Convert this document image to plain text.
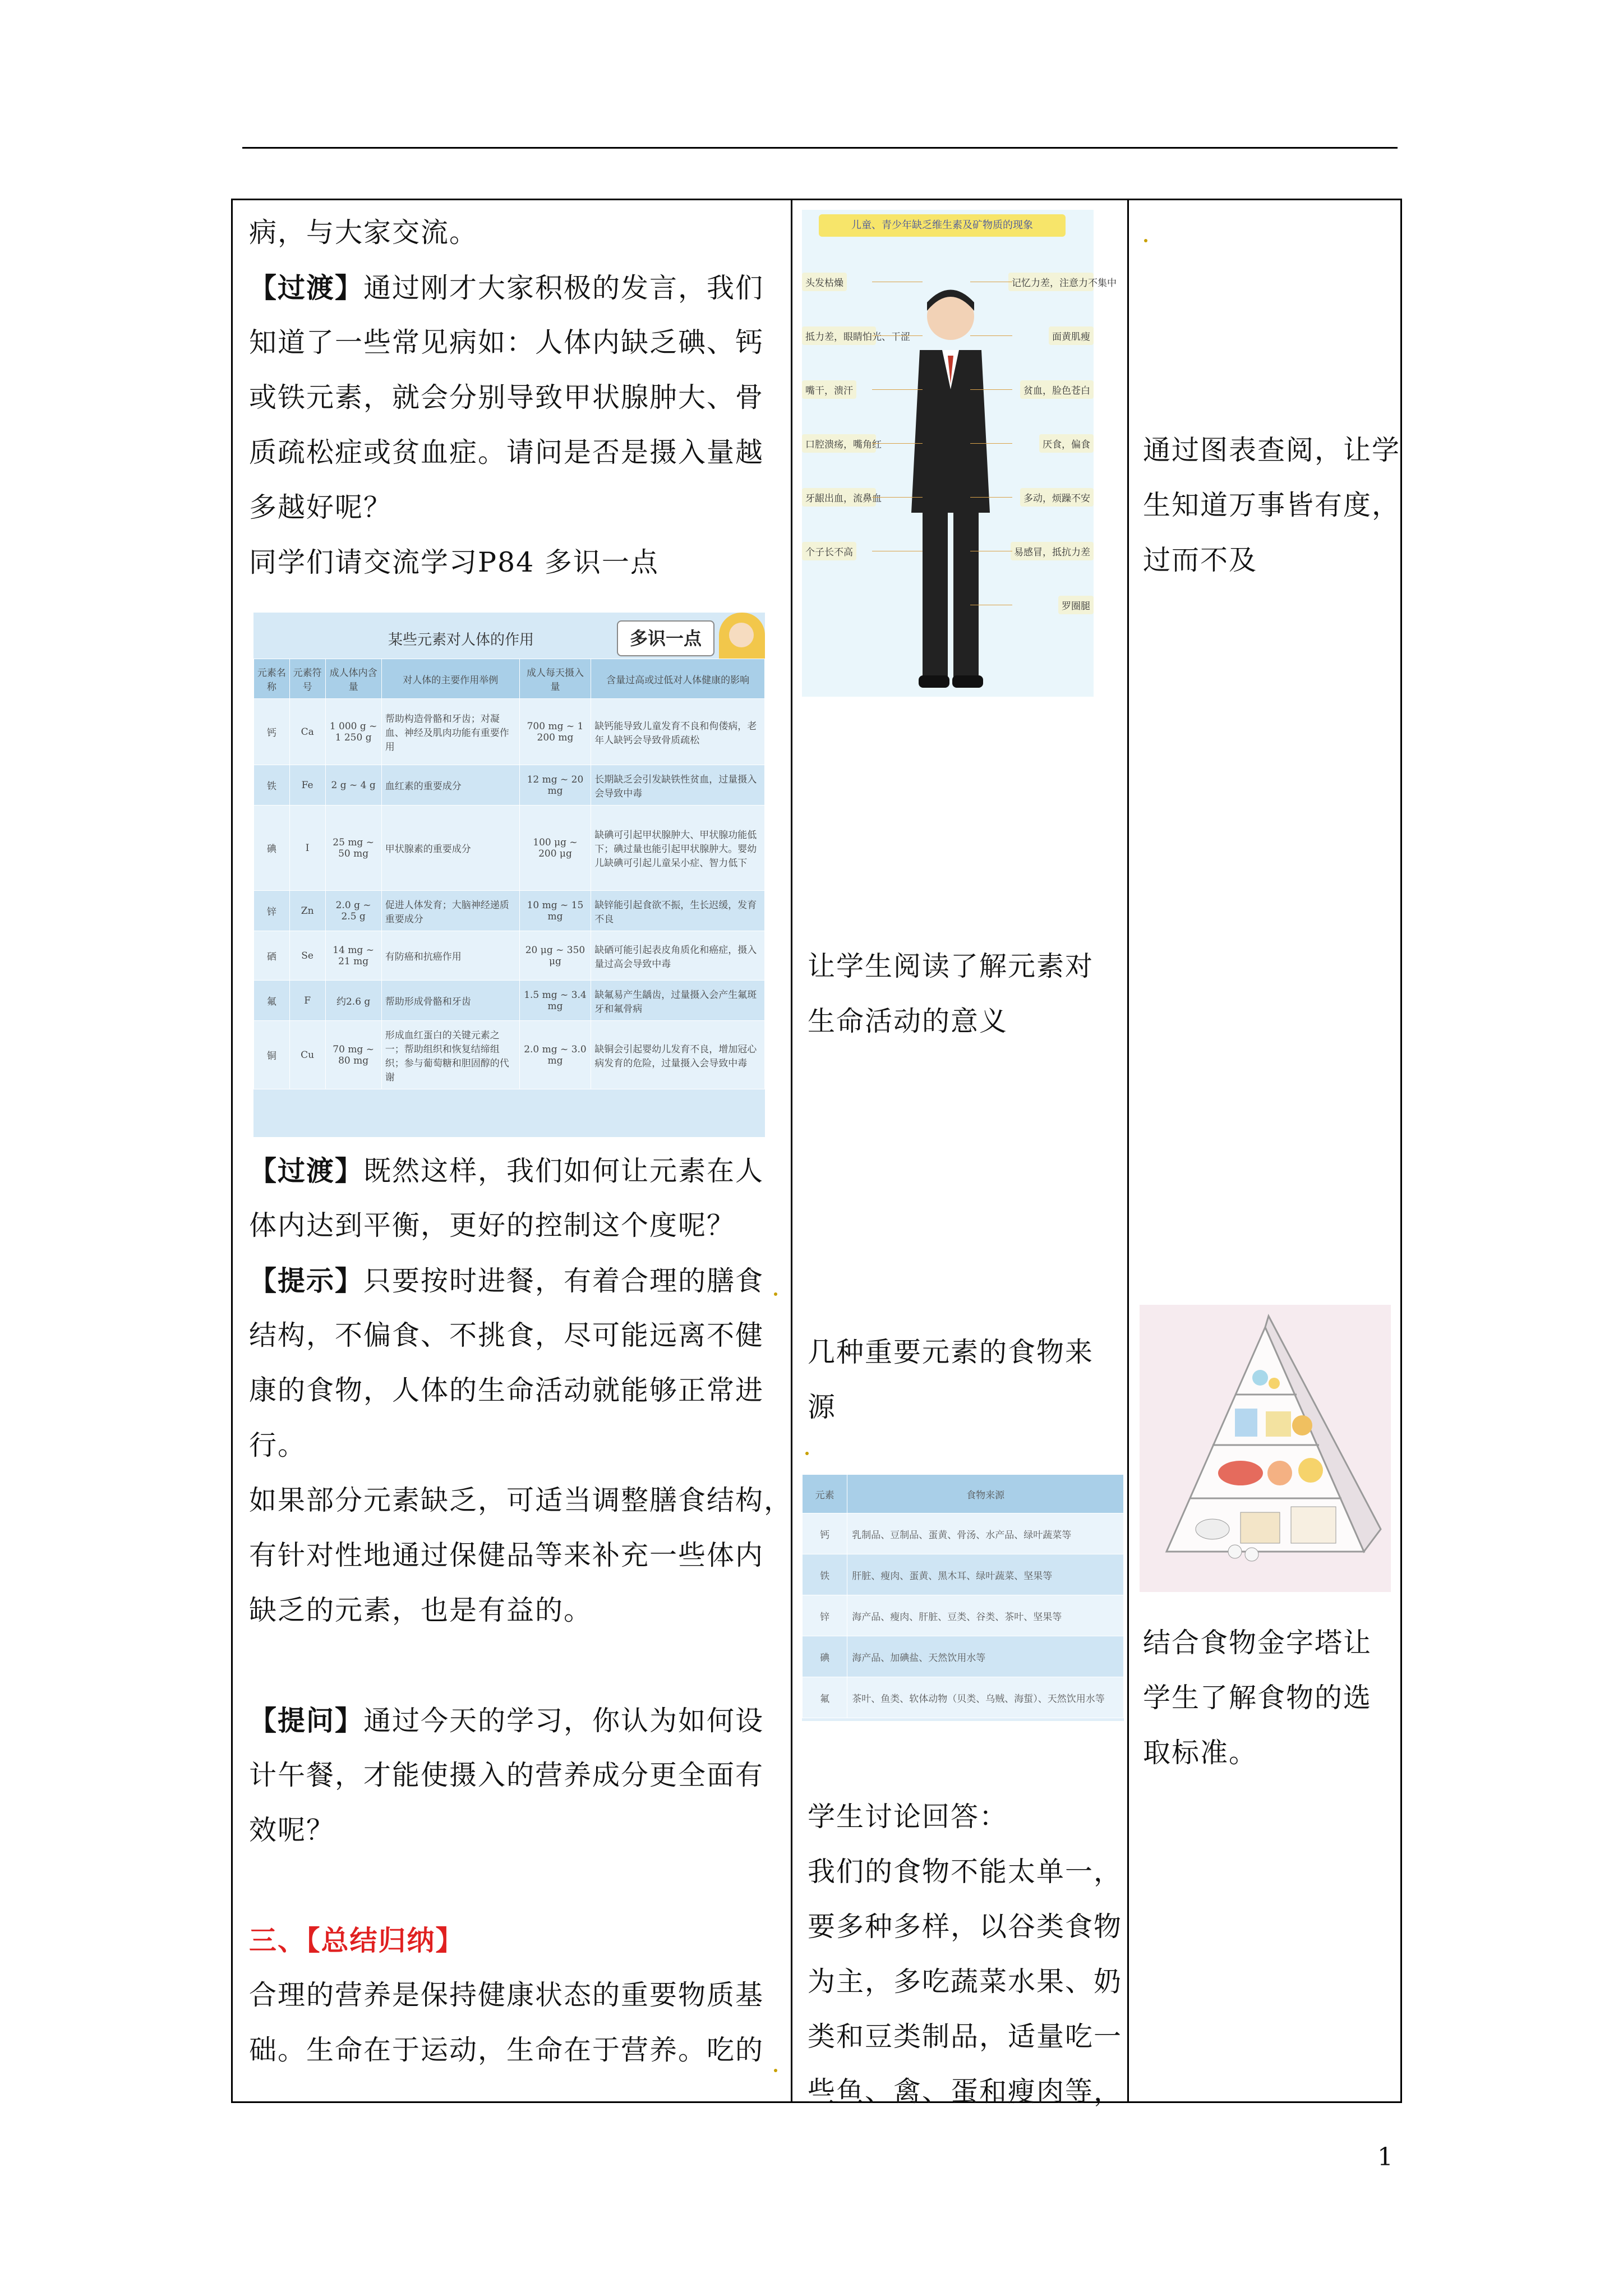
病，与大家交流。

【过渡】通过刚才大家积极的发言，我们

知道了一些常见病如：人体内缺乏碘、钙

或铁元素，就会分别导致甲状腺肿大、骨

质疏松症或贫血症。请问是否是摄入量越

多越好呢？

同学们请交流学习P84 多识一点

某些元素对人体的作用	多识一点
元素名称	元素符号	成人体内含量	对人体的主要作用举例	成人每天摄入量	含量过高或过低对人体健康的影响
钙	Ca	1 000 g ~ 1 250 g	帮助构造骨骼和牙齿；对凝血、神经及肌肉功能有重要作用	700 mg ~ 1 200 mg	缺钙能导致儿童发育不良和佝偻病，老年人缺钙会导致骨质疏松
铁	Fe	2 g ~ 4 g	血红素的重要成分	12 mg ~ 20 mg	长期缺乏会引发缺铁性贫血，过量摄入会导致中毒
碘	I	25 mg ~ 50 mg	甲状腺素的重要成分	100 μg ~ 200 μg	缺碘可引起甲状腺肿大、甲状腺功能低下；碘过量也能引起甲状腺肿大。婴幼儿缺碘可引起儿童呆小症、智力低下
锌	Zn	2.0 g ~ 2.5 g	促进人体发育；大脑神经递质重要成分	10 mg ~ 15 mg	缺锌能引起食欲不振，生长迟缓，发育不良
硒	Se	14 mg ~ 21 mg	有防癌和抗癌作用	20 μg ~ 350 μg	缺硒可能引起表皮角质化和癌症，摄入量过高会导致中毒
氟	F	约2.6 g	帮助形成骨骼和牙齿	1.5 mg ~ 3.4 mg	缺氟易产生龋齿，过量摄入会产生氟斑牙和氟骨病
铜	Cu	70 mg ~ 80 mg	形成血红蛋白的关键元素之一；帮助组织和恢复结缔组织；参与葡萄糖和胆固醇的代谢	2.0 mg ~ 3.0 mg	缺铜会引起婴幼儿发育不良，增加冠心病发育的危险，过量摄入会导致中毒

【过渡】既然这样，我们如何让元素在人

体内达到平衡，更好的控制这个度呢？

【提示】只要按时进餐，有着合理的膳食

结构，不偏食、不挑食，尽可能远离不健

康的食物，人体的生命活动就能够正常进

行。

如果部分元素缺乏，可适当调整膳食结构，

有针对性地通过保健品等来补充一些体内

缺乏的元素，也是有益的。

【提问】通过今天的学习，你认为如何设

计午餐，才能使摄入的营养成分更全面有

效呢？

三、【总结归纳】

合理的营养是保持健康状态的重要物质基

础。生命在于运动，生命在于营养。吃的

儿童、青少年缺乏维生素及矿物质的现象
头发枯燥
抵力差，眼睛怕光、干涩
嘴干，溃汗
口腔溃疡，嘴角红
牙龈出血，流鼻血
个子长不高
记忆力差，注意力不集中
面黄肌瘦
贫血，脸色苍白
厌食，偏食
多动，烦躁不安
易感冒，抵抗力差
罗圈腿

让学生阅读了解元素对

生命活动的意义

几种重要元素的食物来

源

元素	食物来源
钙	乳制品、豆制品、蛋黄、骨汤、水产品、绿叶蔬菜等
铁	肝脏、瘦肉、蛋黄、黑木耳、绿叶蔬菜、坚果等
锌	海产品、瘦肉、肝脏、豆类、谷类、茶叶、坚果等
碘	海产品、加碘盐、天然饮用水等
氟	茶叶、鱼类、软体动物（贝类、乌贼、海蜇）、天然饮用水等

学生讨论回答：

我们的食物不能太单一，

要多种多样，以谷类食物

为主，多吃蔬菜水果、奶

类和豆类制品，适量吃一

些鱼、禽、蛋和瘦肉等，

通过图表查阅，让学

生知道万事皆有度，

过而不及

结合食物金字塔让

学生了解食物的选

取标准。

1
